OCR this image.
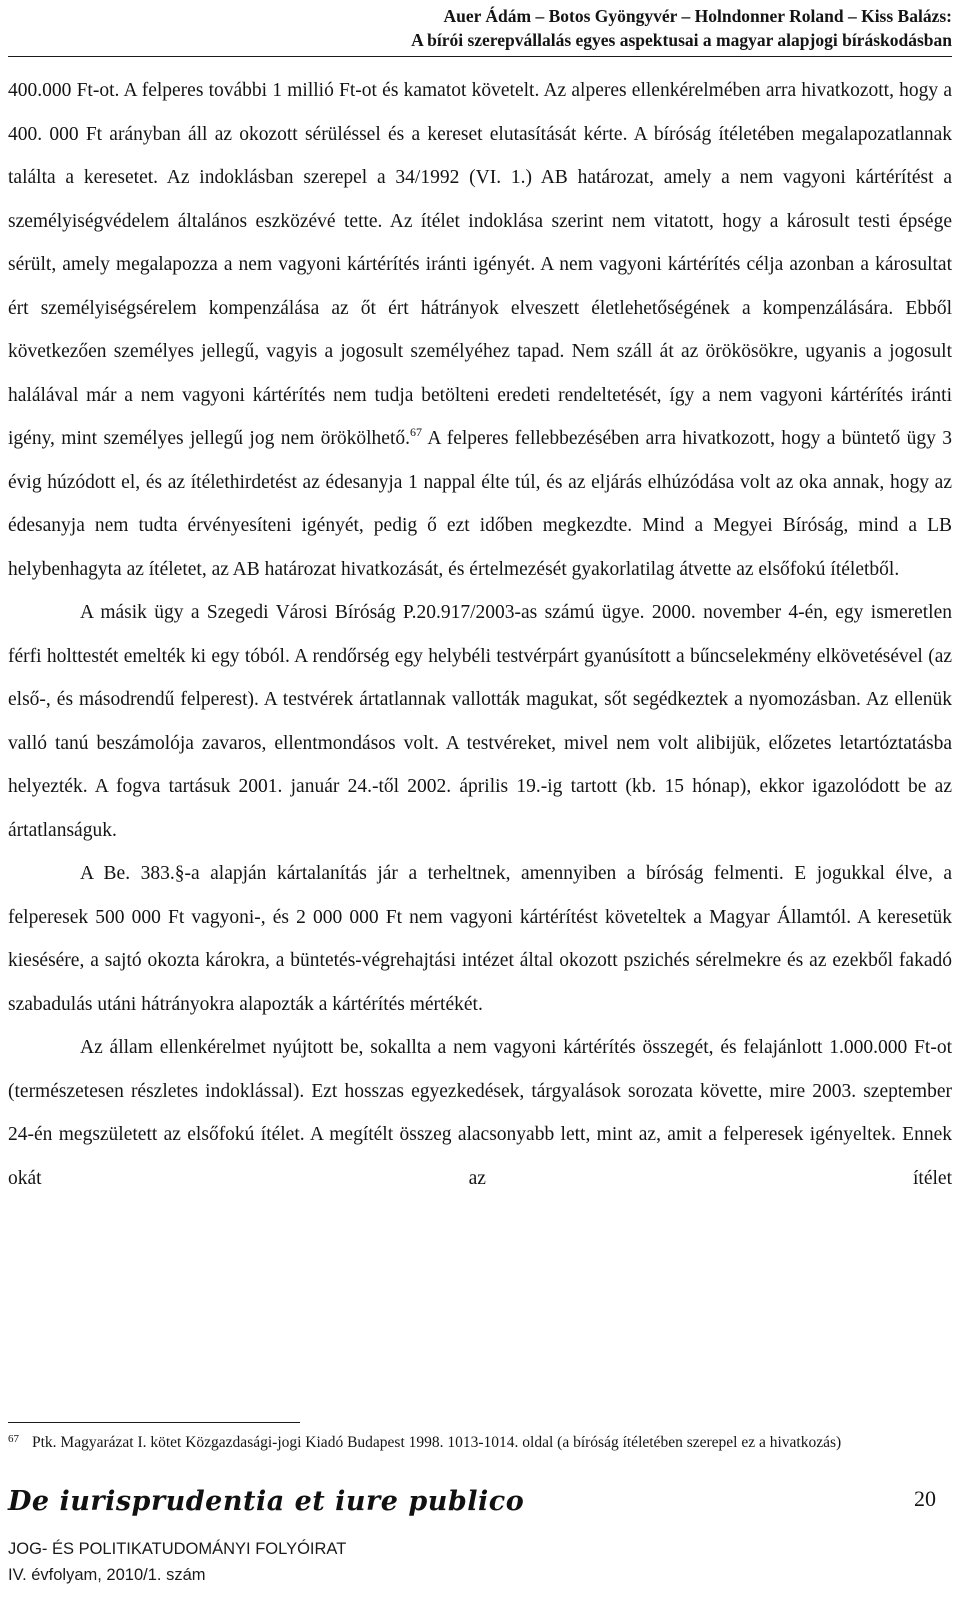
Auer Ádám – Botos Gyöngyvér – Holndonner Roland – Kiss Balázs:
A bírói szerepvállalás egyes aspektusai a magyar alapjogi bíráskodásban

400.000 Ft-ot. A felperes további 1 millió Ft-ot és kamatot követelt. Az alperes ellenkérelmében arra hivatkozott, hogy a 400. 000 Ft arányban áll az okozott sérüléssel és a kereset elutasítását kérte. A bíróság ítéletében megalapozatlannak találta a keresetet. Az indoklásban szerepel a 34/1992 (VI. 1.) AB határozat, amely a nem vagyoni kártérítést a személyiségvédelem általános eszközévé tette. Az ítélet indoklása szerint nem vitatott, hogy a károsult testi épsége sérült, amely megalapozza a nem vagyoni kártérítés iránti igényét. A nem vagyoni kártérítés célja azonban a károsultat ért személyiségsérelem kompenzálása az őt ért hátrányok elveszett életlehetőségének a kompenzálására. Ebből következően személyes jellegű, vagyis a jogosult személyéhez tapad. Nem száll át az örökösökre, ugyanis a jogosult halálával már a nem vagyoni kártérítés nem tudja betölteni eredeti rendeltetését, így a nem vagyoni kártérítés iránti igény, mint személyes jellegű jog nem örökölhető.$^{67}$ A felperes fellebbezésében arra hivatkozott, hogy a büntető ügy 3 évig húzódott el, és az ítélethirdetést az édesanyja 1 nappal élte túl, és az eljárás elhúzódása volt az oka annak, hogy az édesanyja nem tudta érvényesíteni igényét, pedig ő ezt időben megkezdte. Mind a Megyei Bíróság, mind a LB helybenhagyta az ítéletet, az AB határozat hivatkozását, és értelmezését gyakorlatilag átvette az elsőfokú ítéletből.

A másik ügy a Szegedi Városi Bíróság P.20.917/2003-as számú ügye. 2000. november 4-én, egy ismeretlen férfi holttestét emelték ki egy tóból. A rendőrség egy helybéli testvérpárt gyanúsított a bűncselekmény elkövetésével (az első-, és másodrendű felperest). A testvérek ártatlannak vallották magukat, sőt segédkeztek a nyomozásban. Az ellenük valló tanú beszámolója zavaros, ellentmondásos volt. A testvéreket, mivel nem volt alibijük, előzetes letartóztatásba helyezték. A fogva tartásuk 2001. január 24.-től 2002. április 19.-ig tartott (kb. 15 hónap), ekkor igazolódott be az ártatlanságuk.

A Be. 383.§-a alapján kártalanítás jár a terheltnek, amennyiben a bíróság felmenti. E jogukkal élve, a felperesek 500 000 Ft vagyoni-, és 2 000 000 Ft nem vagyoni kártérítést követeltek a Magyar Államtól. A keresetük kiesésére, a sajtó okozta károkra, a büntetés-végrehajtási intézet által okozott pszichés sérelmekre és az ezekből fakadó szabadulás utáni hátrányokra alapozták a kártérítés mértékét.

Az állam ellenkérelmet nyújtott be, sokallta a nem vagyoni kártérítés összegét, és felajánlott 1.000.000 Ft-ot (természetesen részletes indoklással). Ezt hosszas egyezkedések, tárgyalások sorozata követte, mire 2003. szeptember 24-én megszületett az elsőfokú ítélet. A megítélt összeg alacsonyabb lett, mint az, amit a felperesek igényeltek. Ennek okát az ítélet

67 Ptk. Magyarázat I. kötet Közgazdasági-jogi Kiadó Budapest 1998. 1013-1014. oldal (a bíróság ítéletében szerepel ez a hivatkozás)
De iurisprudentia et iure publico	20
JOG- ÉS POLITIKATUDOMÁNYI FOLYÓIRAT
IV. évfolyam, 2010/1. szám
